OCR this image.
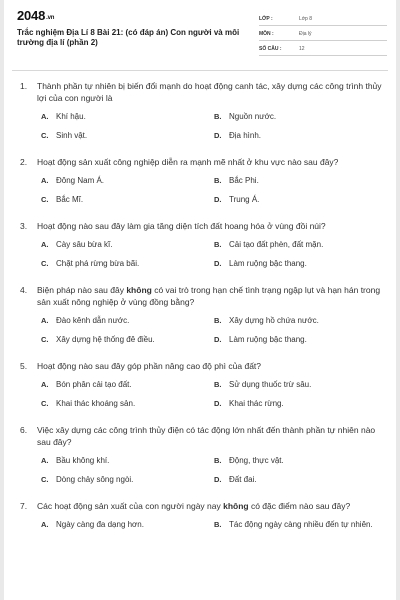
2048.vn
Trắc nghiệm Địa Lí 8 Bài 21: (có đáp án) Con người và môi trường địa lí (phần 2)
LỚP :	Lớp 8
MÔN :	Địa lý
SỐ CÂU :	12
1.	Thành phần tự nhiên bị biến đổi mạnh do hoạt động canh tác, xây dựng các công trình thủy lợi của con người là
A. Khí hậu.	B. Nguồn nước.
C. Sinh vật.	D. Địa hình.
2.	Hoạt động sản xuất công nghiệp diễn ra mạnh mẽ nhất ở khu vực nào sau đây?
A. Đông Nam Á.	B. Bắc Phi.
C. Bắc Mĩ.	D. Trung Á.
3.	Hoạt động nào sau đây làm gia tăng diện tích đất hoang hóa ở vùng đồi núi?
A. Cày sâu bừa kĩ.	B. Cải tạo đất phèn, đất mặn.
C. Chặt phá rừng bừa bãi.	D. Làm ruộng bậc thang.
4.	Biện pháp nào sau đây không có vai trò trong hạn chế tình trạng ngập lụt và hạn hán trong sản xuất nông nghiệp ở vùng đồng bằng?
A. Đào kênh dẫn nước.	B. Xây dựng hồ chứa nước.
C. Xây dựng hệ thống đê điều.	D. Làm ruộng bậc thang.
5.	Hoạt động nào sau đây góp phần nâng cao độ phì của đất?
A. Bón phân cải tạo đất.	B. Sử dụng thuốc trừ sâu.
C. Khai thác khoáng sản.	D. Khai thác rừng.
6.	Việc xây dựng các công trình thủy điện có tác động lớn nhất đến thành phần tự nhiên nào sau đây?
A. Bầu không khí.	B. Động, thực vật.
C. Dòng chảy sông ngòi.	D. Đất đai.
7.	Các hoạt động sản xuất của con người ngày nay không có đặc điểm nào sau đây?
A. Ngày càng đa dạng hơn.	B. Tác động ngày càng nhiều đến tự nhiên.
